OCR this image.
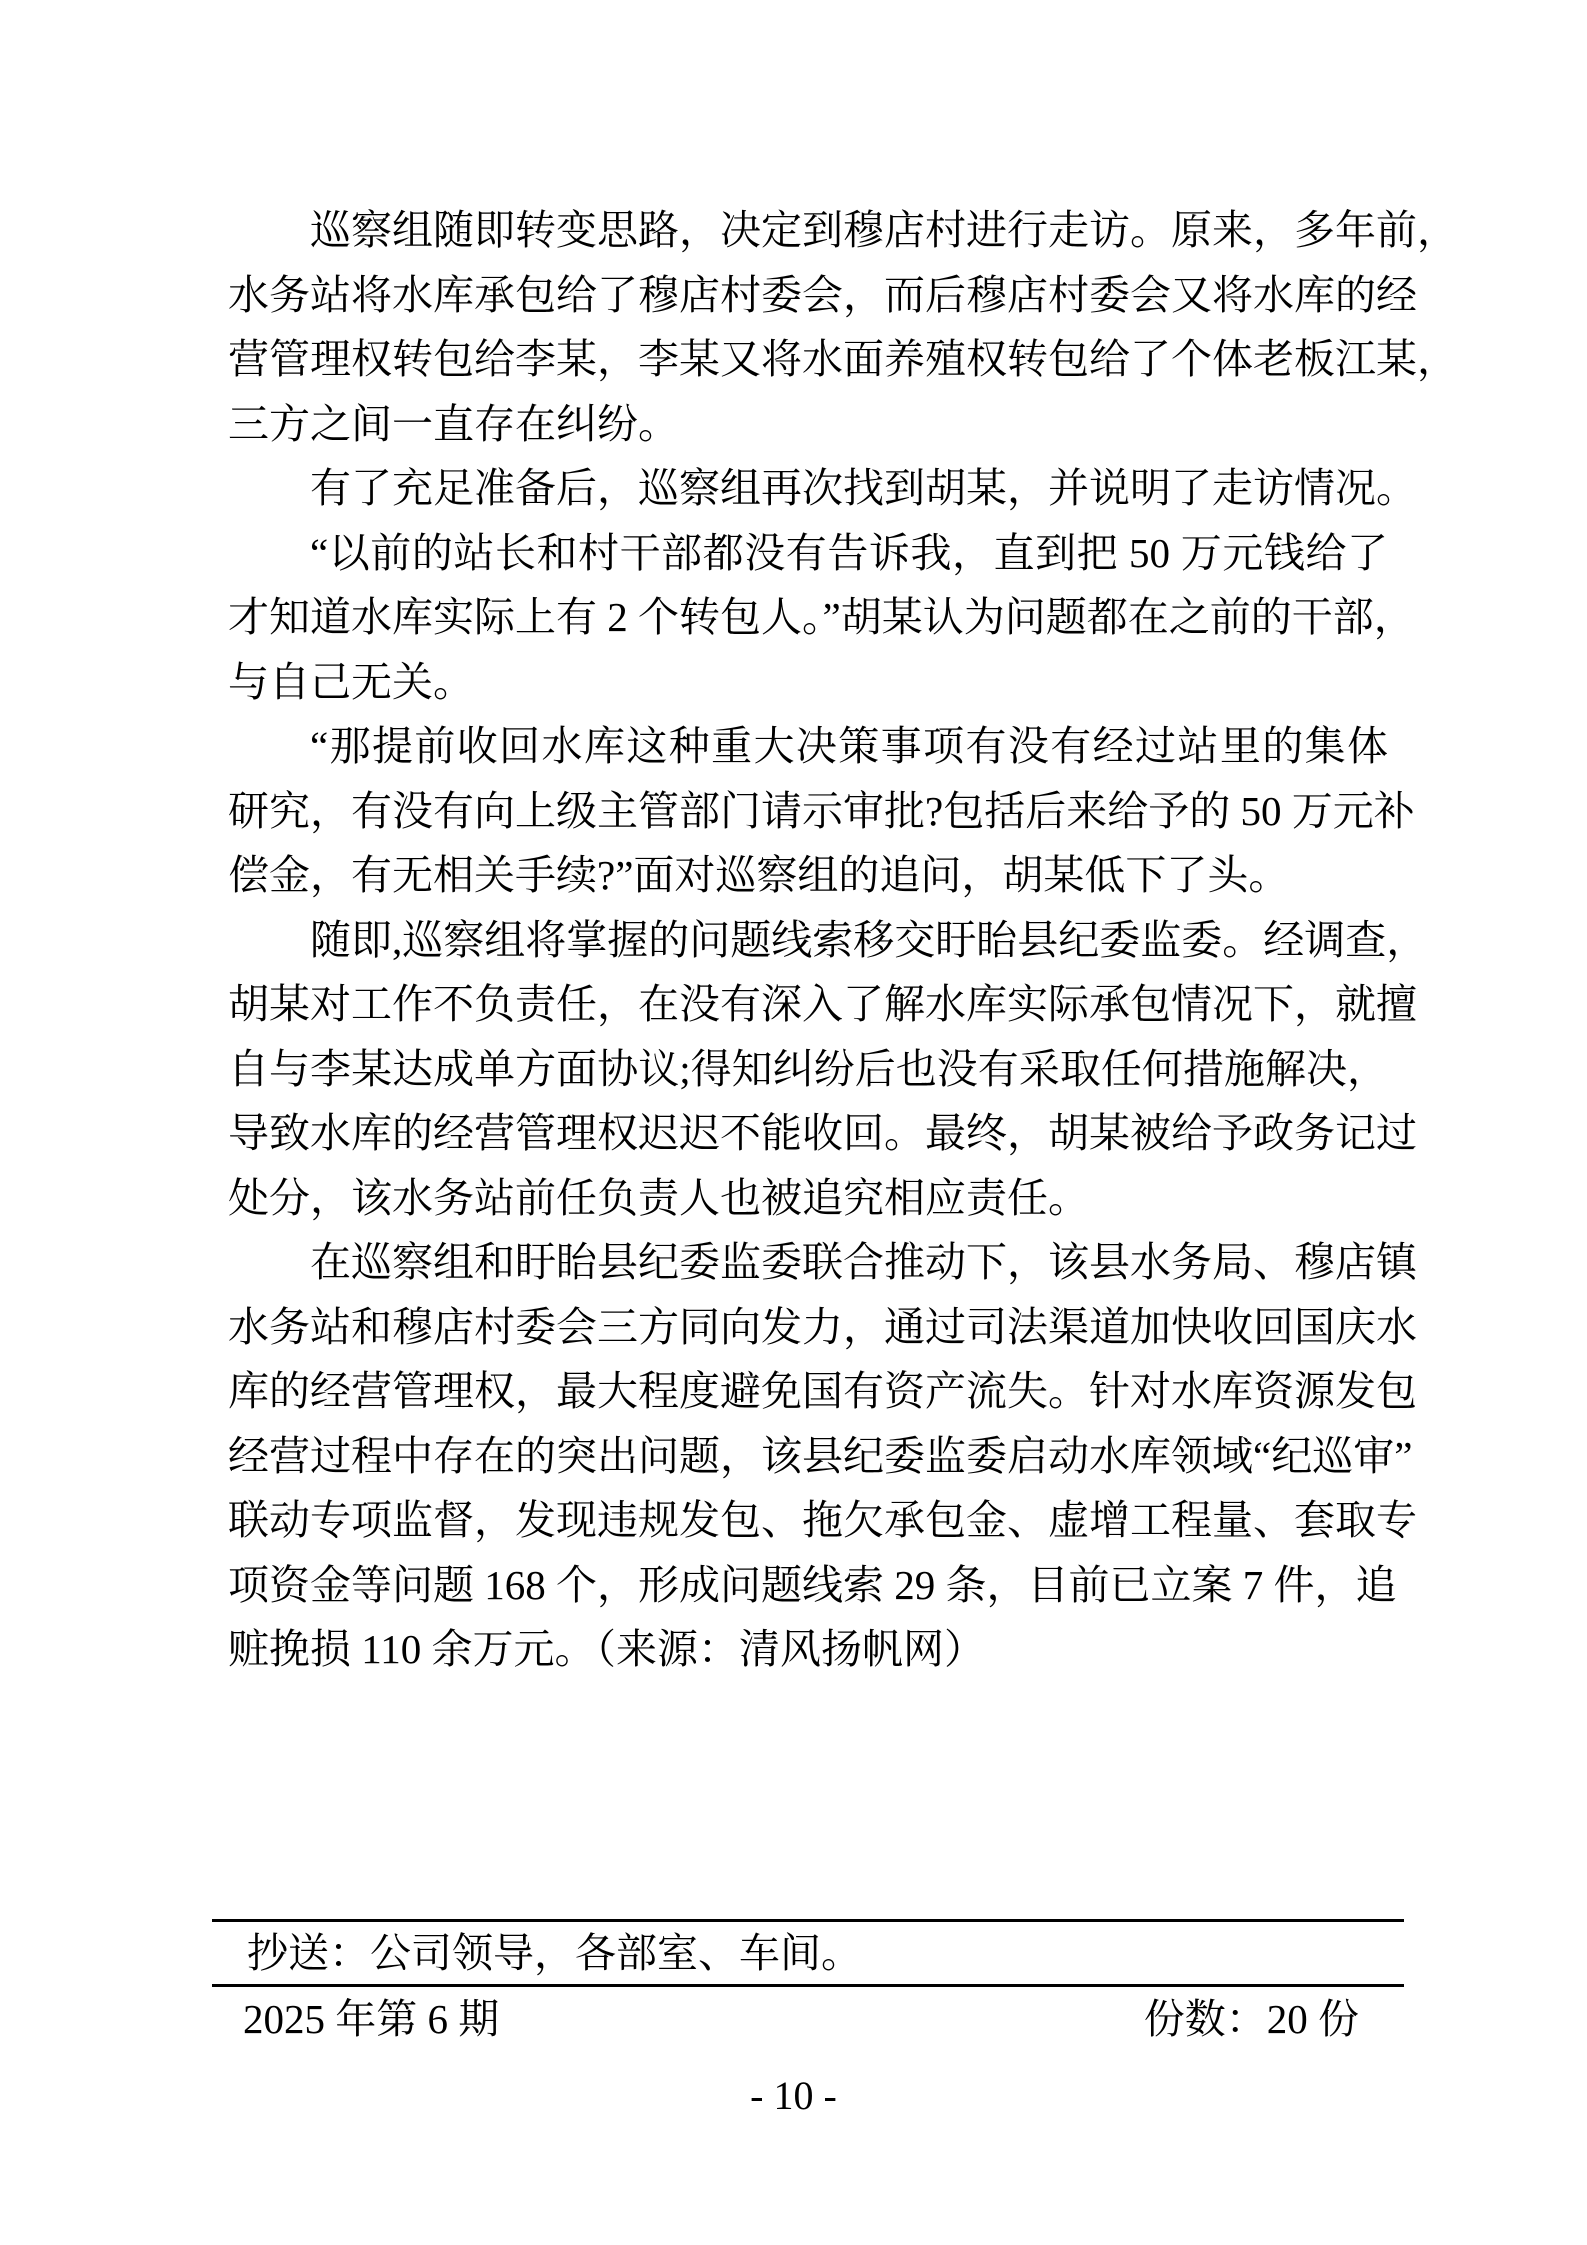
巡察组随即转变思路，决定到穆店村进行走访。原来，多年前，
水务站将水库承包给了穆店村委会，而后穆店村委会又将水库的经
营管理权转包给李某，李某又将水面养殖权转包给了个体老板江某，
三方之间一直存在纠纷。
有了充足准备后，巡察组再次找到胡某，并说明了走访情况。
“以前的站长和村干部都没有告诉我，直到把 50 万元钱给了
才知道水库实际上有 2 个转包人。”胡某认为问题都在之前的干部，
与自己无关。
“那提前收回水库这种重大决策事项有没有经过站里的集体
研究，有没有向上级主管部门请示审批?包括后来给予的 50 万元补
偿金，有无相关手续?”面对巡察组的追问，胡某低下了头。
随即,巡察组将掌握的问题线索移交盱眙县纪委监委。经调查，
胡某对工作不负责任，在没有深入了解水库实际承包情况下，就擅
自与李某达成单方面协议;得知纠纷后也没有采取任何措施解决，
导致水库的经营管理权迟迟不能收回。最终，胡某被给予政务记过
处分，该水务站前任负责人也被追究相应责任。
在巡察组和盱眙县纪委监委联合推动下，该县水务局、穆店镇
水务站和穆店村委会三方同向发力，通过司法渠道加快收回国庆水
库的经营管理权，最大程度避免国有资产流失。针对水库资源发包
经营过程中存在的突出问题，该县纪委监委启动水库领域“纪巡审”
联动专项监督，发现违规发包、拖欠承包金、虚增工程量、套取专
项资金等问题 168 个，形成问题线索 29 条，目前已立案 7 件，追
赃挽损 110 余万元。（来源：清风扬帆网）
抄送：公司领导，各部室、车间。
2025 年第 6 期	份数：20 份
- 10 -
